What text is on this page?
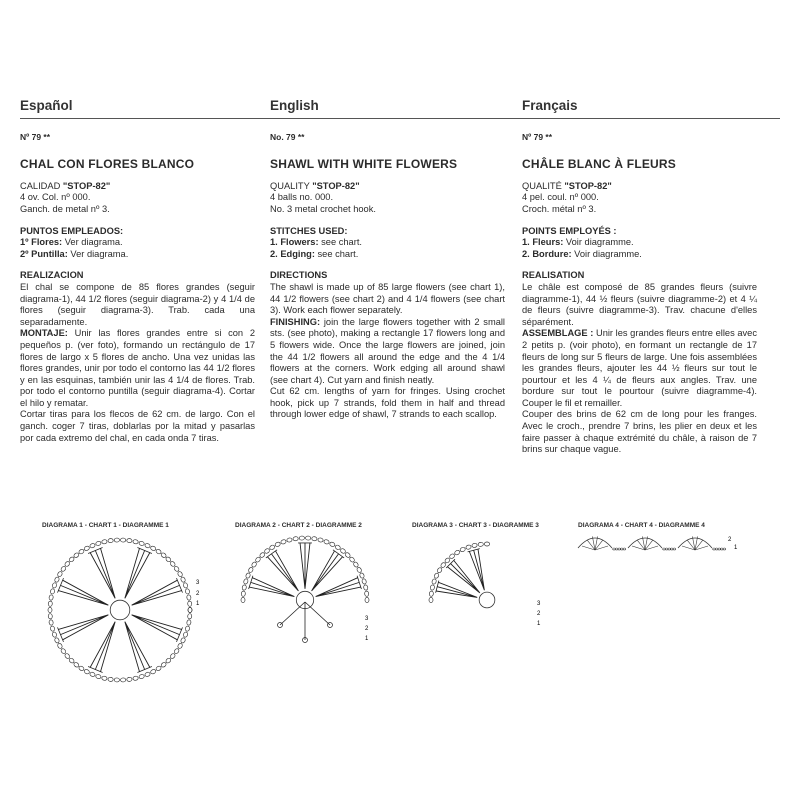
Español
Nº 79 **
CHAL CON FLORES BLANCO

CALIDAD "STOP-82"

4 ov. Col. nº 000.

Ganch. de metal nº 3.

PUNTOS EMPLEADOS:

1º Flores: Ver diagrama.

2º Puntilla: Ver diagrama.

REALIZACION

El chal se compone de 85 flores grandes (seguir diagrama-1), 44 1/2 flores (seguir diagrama-2) y 4 1/4 de flores (seguir diagrama-3). Trab. cada una separadamente.

MONTAJE: Unir las flores grandes entre si con 2 pequeños p. (ver foto), formando un rectángulo de 17 flores de largo x 5 flores de ancho. Una vez unidas las flores grandes, unir por todo el contorno las 44 1/2 flores y en las esquinas, también unir las 4 1/4 de flores. Trab. por todo el contorno puntilla (seguir diagrama-4). Cortar el hilo y rematar.

Cortar tiras para los flecos de 62 cm. de largo. Con el ganch. coger 7 tiras, doblarlas por la mitad y pasarlas por cada extremo del chal, en cada onda 7 tiras.

English
No. 79 **
SHAWL WITH WHITE FLOWERS

QUALITY "STOP-82"

4 balls no. 000.

No. 3 metal crochet hook.

STITCHES USED:

1. Flowers: see chart.

2. Edging: see chart.

DIRECTIONS

The shawl is made up of 85 large flowers (see chart 1), 44 1/2 flowers (see chart 2) and 4 1/4 flowers (see chart 3). Work each flower separately.

FINISHING: join the large flowers together with 2 small sts. (see photo), making a rectangle 17 flowers long and 5 flowers wide. Once the large flowers are joined, join the 44 1/2 flowers all around the edge and the 4 1/4 flowers at the corners. Work edging all around shawl (see chart 4). Cut yarn and finish neatly.

Cut 62 cm. lengths of yarn for fringes. Using crochet hook, pick up 7 strands, fold them in half and thread through lower edge of shawl, 7 strands to each scallop.

Français
Nº 79 **
CHÂLE BLANC À FLEURS

QUALITÉ "STOP-82"

4 pel. coul. nº 000.

Croch. métal nº 3.

POINTS EMPLOYÉS :

1. Fleurs: Voir diagramme.

2. Bordure: Voir diagramme.

REALISATION

Le châle est composé de 85 grandes fleurs (suivre diagramme-1), 44 ½ fleurs (suivre diagramme-2) et 4 ¼ de fleurs (suivre diagramme-3). Trav. chacune d'elles séparément.

ASSEMBLAGE : Unir les grandes fleurs entre elles avec 2 petits p. (voir photo), en formant un rectangle de 17 fleurs de long sur 5 fleurs de large. Une fois assemblées les grandes fleurs, ajouter les 44 ½ fleurs sur tout le pourtour et les 4 ¼ de fleurs aux angles. Trav. une bordure sur tout le pourtour (suivre diagramme-4). Couper le fil et remailler.

Couper des brins de 62 cm de long pour les franges. Avec le croch., prendre 7 brins, les plier en deux et les faire passer à chaque extrémité du châle, à raison de 7 brins sur chaque vague.

DIAGRAMA 1 - CHART 1 - DIAGRAMME 1	DIAGRAMA 2 - CHART 2 - DIAGRAMME 2	DIAGRAMA 3 - CHART 3 - DIAGRAMME 3	DIAGRAMA 4 - CHART 4 - DIAGRAMME 4
3
2
1
3
2
1
3
2
1
2
1
